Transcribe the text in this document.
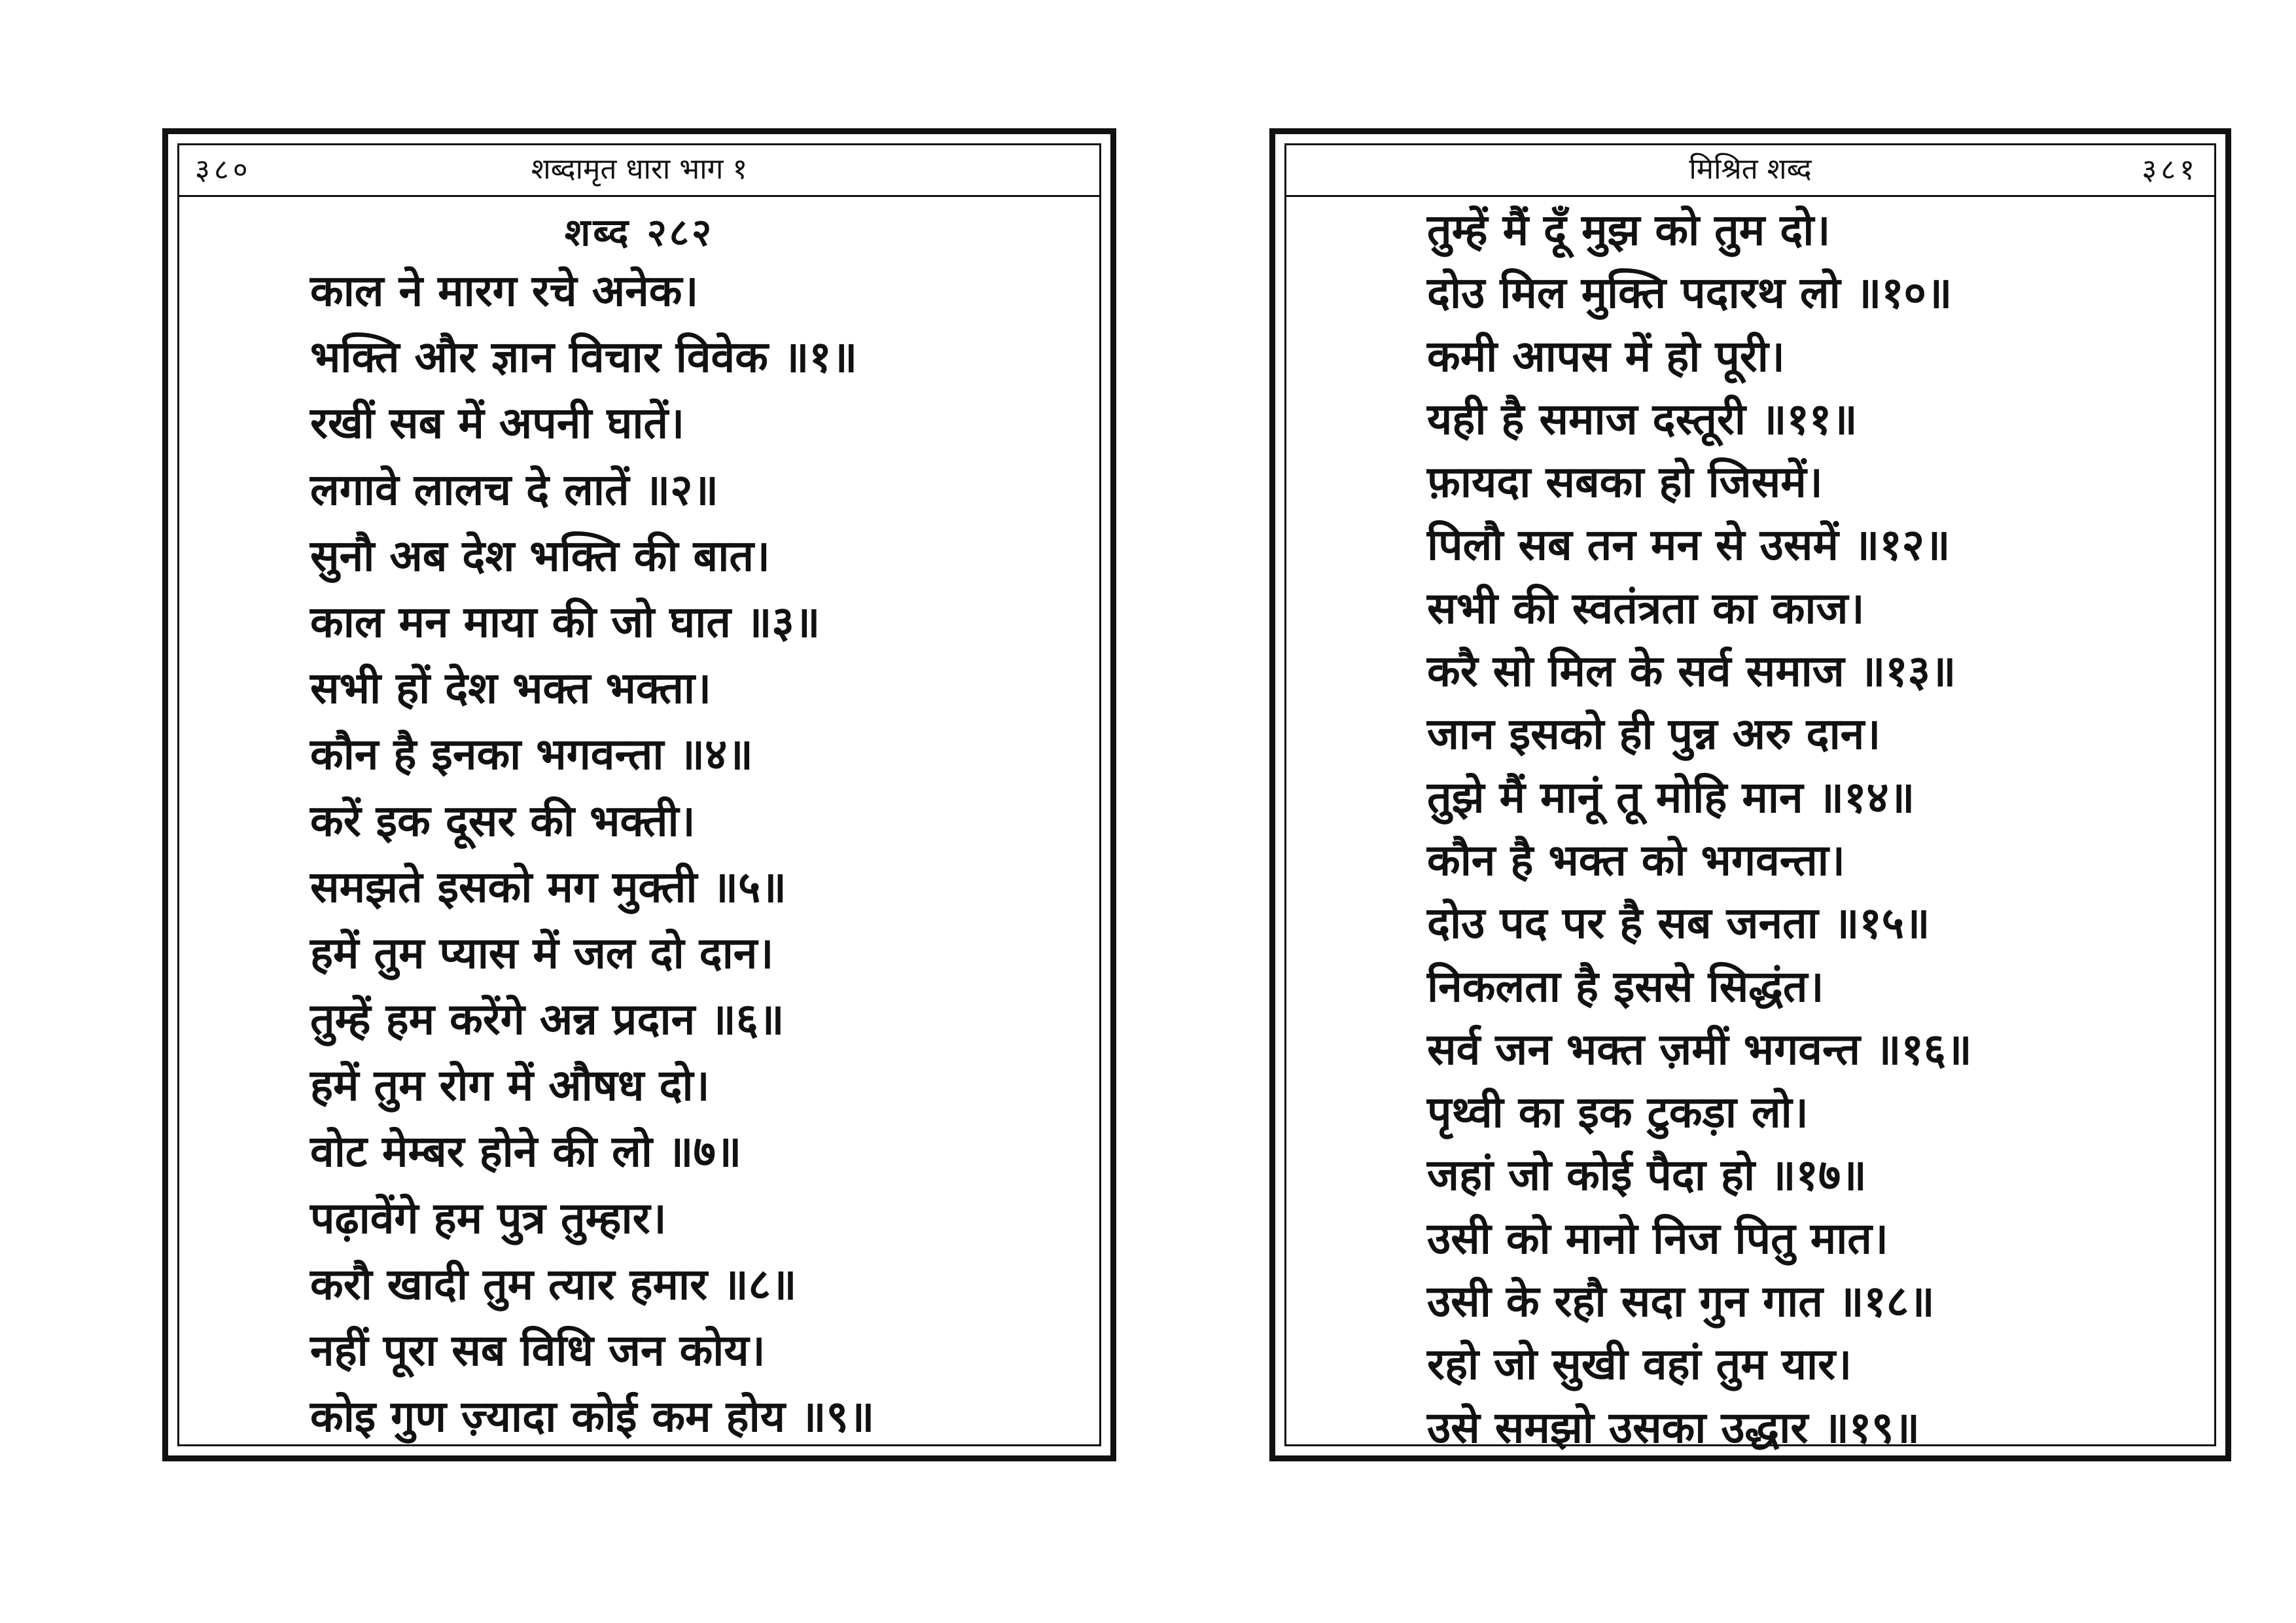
३८०	शब्दामृत धारा भाग १
शब्द २८२
काल ने मारग रचे अनेक।
भक्ति और ज्ञान विचार विवेक ॥१॥
रखीं सब में अपनी घातें।
लगावे लालच दे लातें ॥२॥
सुनौ अब देश भक्ति की बात।
काल मन माया की जो घात ॥३॥
सभी हों देश भक्त भक्ता।
कौन है इनका भगवन्ता ॥४॥
करें इक दूसर की भक्ती।
समझते इसको मग मुक्ती ॥५॥
हमें तुम प्यास में जल दो दान।
तुम्हें हम करेंगे अन्न प्रदान ॥६॥
हमें तुम रोग में औषध दो।
वोट मेम्बर होने की लो ॥७॥
पढ़ावेंगे हम पुत्र तुम्हार।
करौ खादी तुम त्यार हमार ॥८॥
नहीं पूरा सब विधि जन कोय।
कोइ गुण ज़्यादा कोई कम होय ॥९॥
मिश्रित शब्द	३८१
तुम्हें मैं दूँ मुझ को तुम दो।
दोउ मिल मुक्ति पदारथ लो ॥१०॥
कमी आपस में हो पूरी।
यही है समाज दस्तूरी ॥११॥
फ़ायदा सबका हो जिसमें।
पिलौ सब तन मन से उसमें ॥१२॥
सभी की स्वतंत्रता का काज।
करै सो मिल के सर्व समाज ॥१३॥
जान इसको ही पुन्न अरु दान।
तुझे मैं मानूं तू मोहि मान ॥१४॥
कौन है भक्त को भगवन्ता।
दोउ पद पर है सब जनता ॥१५॥
निकलता है इससे सिद्धंत।
सर्व जन भक्त ज़मीं भगवन्त ॥१६॥
पृथ्वी का इक टुकड़ा लो।
जहां जो कोई पैदा हो ॥१७॥
उसी को मानो निज पितु मात।
उसी के रहौ सदा गुन गात ॥१८॥
रहो जो सुखी वहां तुम यार।
उसे समझो उसका उद्धार ॥१९॥
